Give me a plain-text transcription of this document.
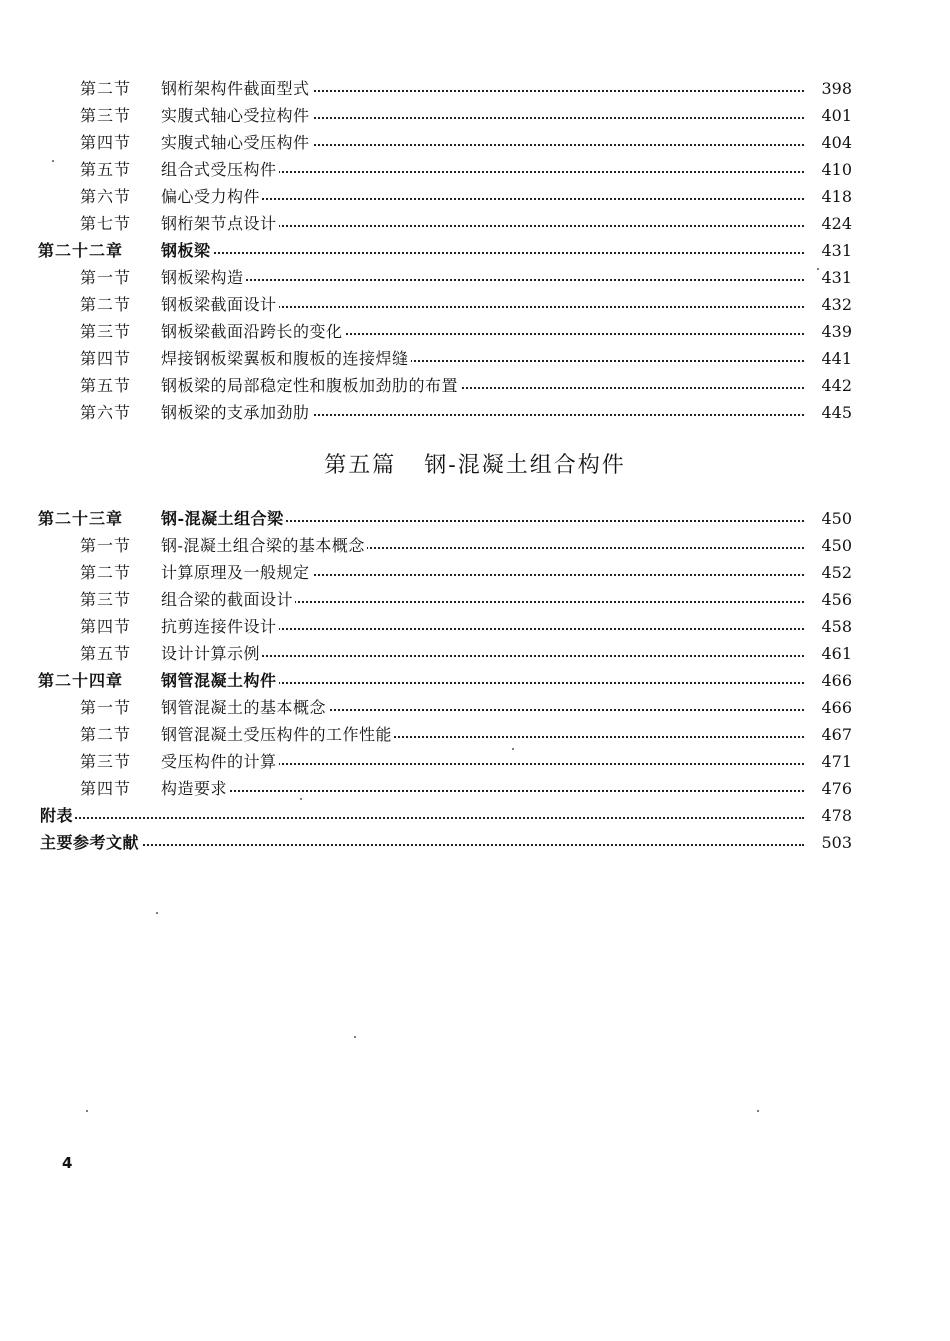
第二节 钢桁架构件截面型式	398
第三节 实腹式轴心受拉构件	401
第四节 实腹式轴心受压构件	404
第五节 组合式受压构件	410
第六节 偏心受力构件	418
第七节 钢桁架节点设计	424
第二十二章 钢板梁	431
第一节 钢板梁构造	431
第二节 钢板梁截面设计	432
第三节 钢板梁截面沿跨长的变化	439
第四节 焊接钢板梁翼板和腹板的连接焊缝	441
第五节 钢板梁的局部稳定性和腹板加劲肋的布置	442
第六节 钢板梁的支承加劲肋	445
第五篇 钢-混凝土组合构件
第二十三章 钢-混凝土组合梁	450
第一节 钢-混凝土组合梁的基本概念	450
第二节 计算原理及一般规定	452
第三节 组合梁的截面设计	456
第四节 抗剪连接件设计	458
第五节 设计计算示例	461
第二十四章 钢管混凝土构件	466
第一节 钢管混凝土的基本概念	466
第二节 钢管混凝土受压构件的工作性能	467
第三节 受压构件的计算	471
第四节 构造要求	476
附表	478
主要参考文献	503
4
